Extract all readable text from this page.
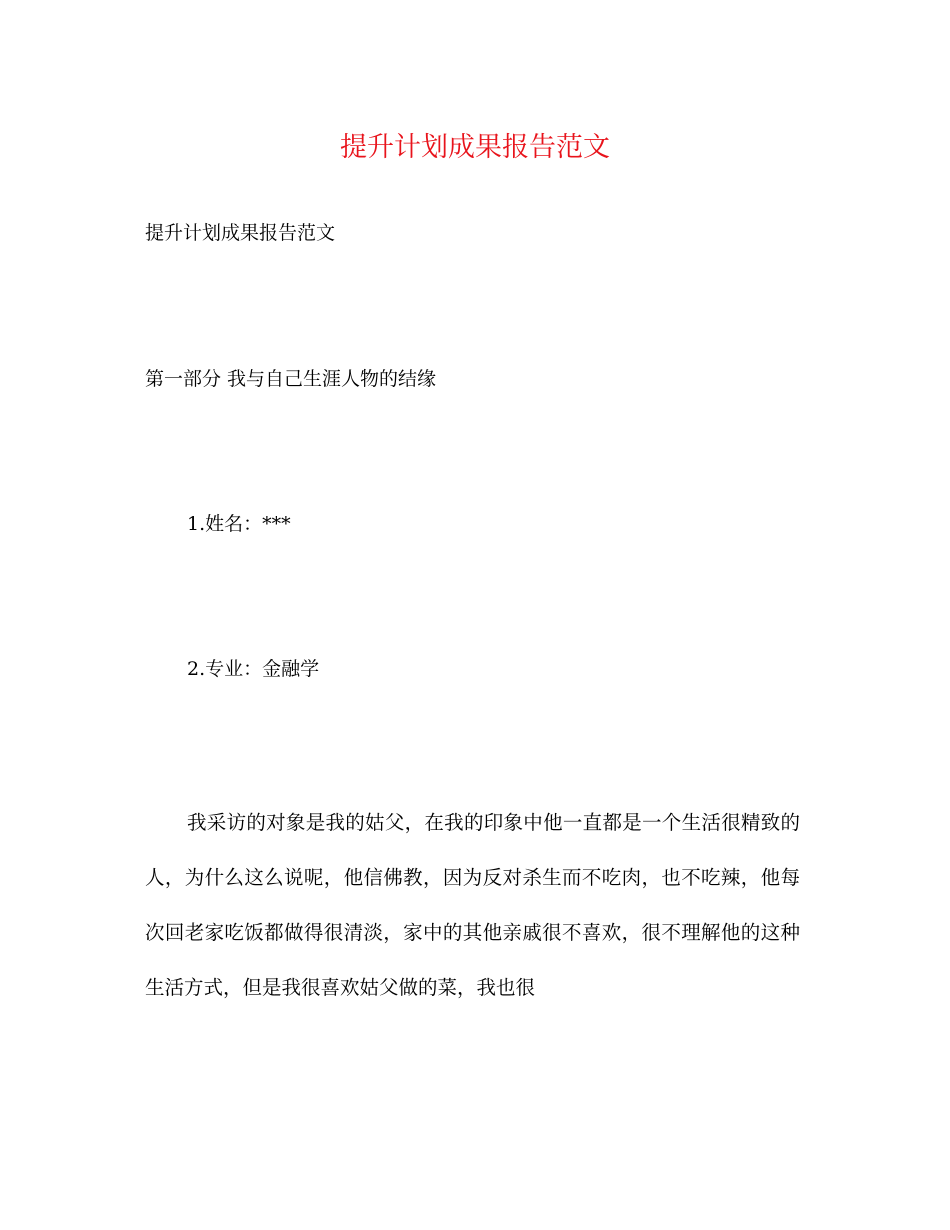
提升计划成果报告范文

提升计划成果报告范文

第一部分 我与自己生涯人物的结缘

1.姓名：***

2.专业：金融学

我采访的对象是我的姑父，在我的印象中他一直都是一个生活很精致的人，为什么这么说呢，他信佛教，因为反对杀生而不吃肉，也不吃辣，他每次回老家吃饭都做得很清淡，家中的其他亲戚很不喜欢，很不理解他的这种生活方式，但是我很喜欢姑父做的菜，我也很
